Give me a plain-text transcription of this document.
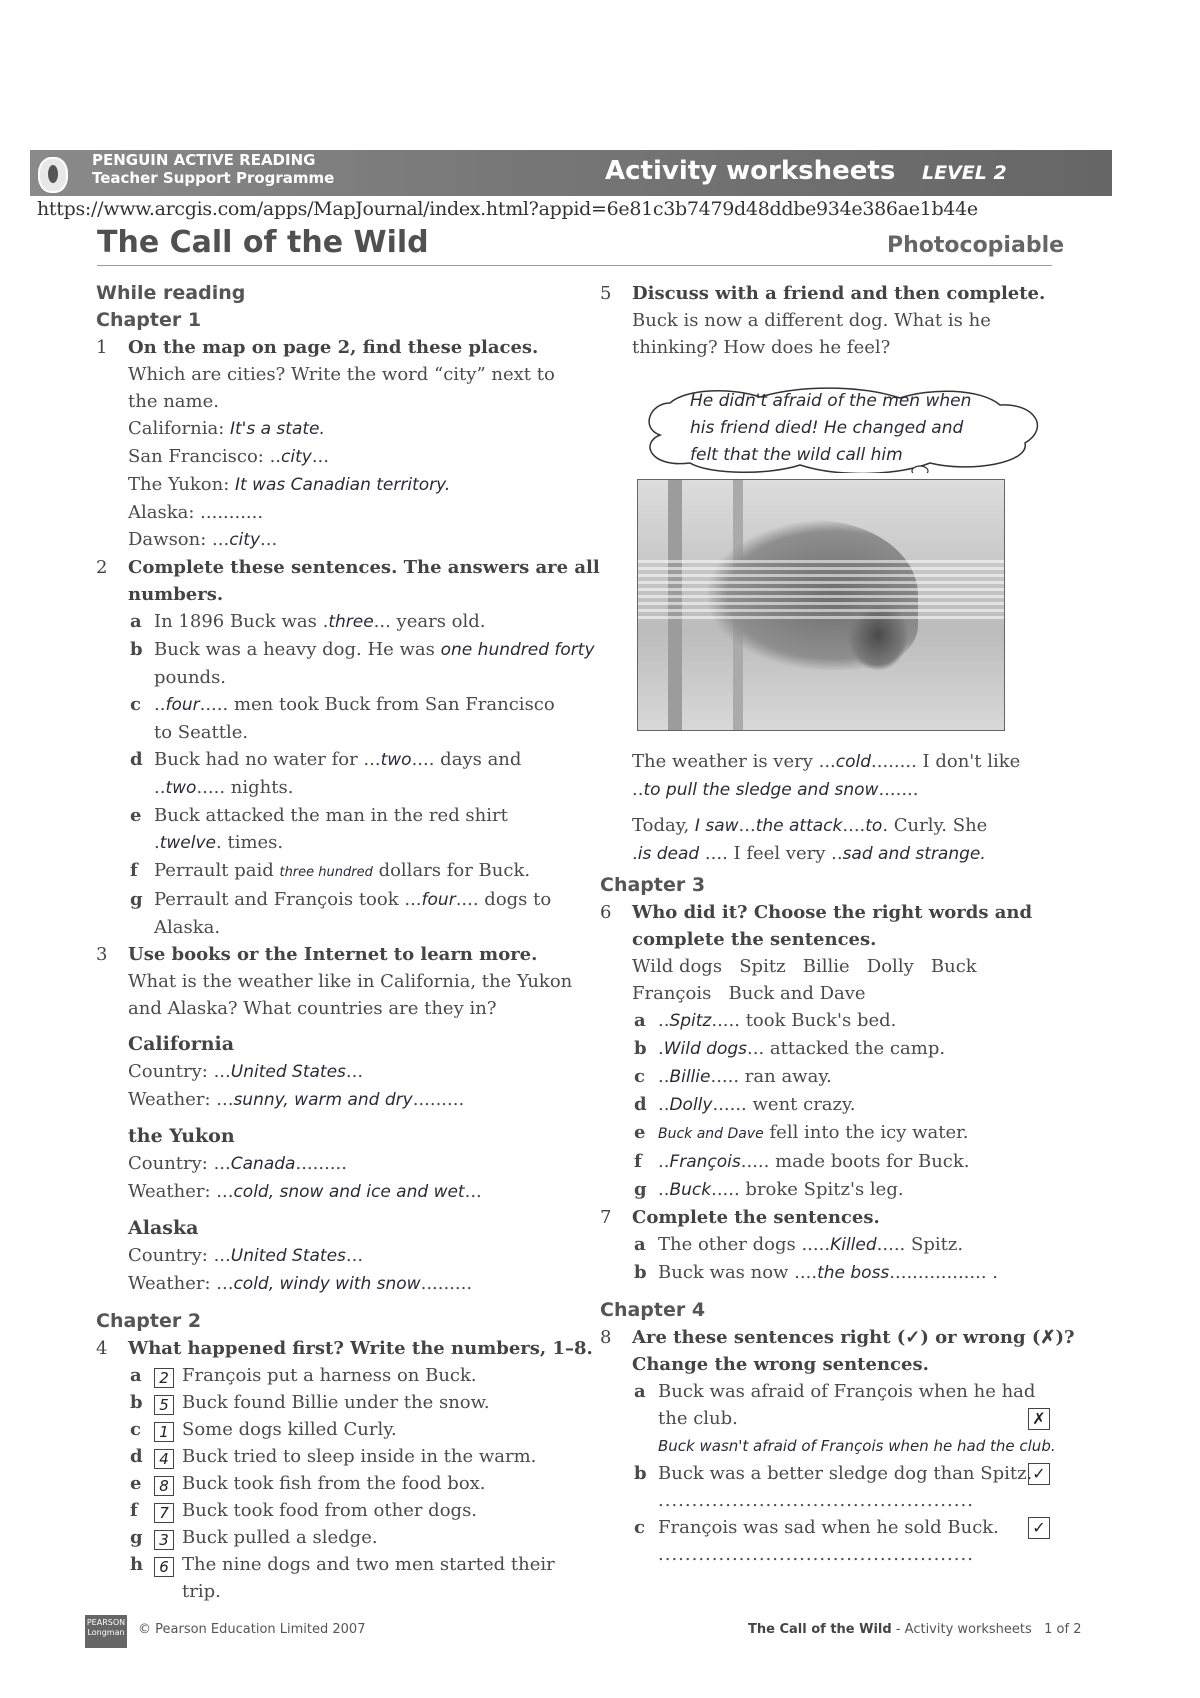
PENGUIN ACTIVE READING
Teacher Support Programme	Activity worksheets LEVEL 2
https://www.arcgis.com/apps/MapJournal/index.html?appid=6e81c3b7479d48ddbe934e386ae1b44e
The Call of the Wild	Photocopiable
While reading
Chapter 1
1 On the map on page 2, find these places.
Which are cities? Write the word “city” next to
the name.
California: It's a state.
San Francisco: ..city...
The Yukon: It was Canadian territory.
Alaska: ...........
Dawson: ...city...
2 Complete these sentences. The answers are all
numbers.
a In 1896 Buck was .three... years old.
b Buck was a heavy dog. He was one hundred forty
pounds.
c ..four..... men took Buck from San Francisco
to Seattle.
d Buck had no water for ...two.... days and
..two..... nights.
e Buck attacked the man in the red shirt
.twelve. times.
f Perrault paid three hundred dollars for Buck.
g Perrault and François took ...four.... dogs to
Alaska.
3 Use books or the Internet to learn more.
What is the weather like in California, the Yukon
and Alaska? What countries are they in?
California
Country: ...United States...
Weather: ...sunny, warm and dry.........
the Yukon
Country: ...Canada.........
Weather: ...cold, snow and ice and wet...
Alaska
Country: ...United States...
Weather: ...cold, windy with snow.........
Chapter 2
4 What happened first? Write the numbers, 1–8.
a 2 François put a harness on Buck.
b 5 Buck found Billie under the snow.
c 1 Some dogs killed Curly.
d 4 Buck tried to sleep inside in the warm.
e 8 Buck took fish from the food box.
f 7 Buck took food from other dogs.
g 3 Buck pulled a sledge.
h 6 The nine dogs and two men started their
trip.
5 Discuss with a friend and then complete.
Buck is now a different dog. What is he
thinking? How does he feel?
He didn't afraid of the men when
his friend died! He changed and
felt that the wild call him
The weather is very ...cold........ I don't like
..to pull the sledge and snow.......
Today, I saw...the attack....to. Curly. She
.is dead .... I feel very ..sad and strange.
Chapter 3
6 Who did it? Choose the right words and
complete the sentences.
Wild dogs   Spitz   Billie   Dolly   Buck
François   Buck and Dave
a ..Spitz..... took Buck's bed.
b .Wild dogs... attacked the camp.
c ..Billie..... ran away.
d ..Dolly...... went crazy.
e Buck and Dave fell into the icy water.
f ..François..... made boots for Buck.
g ..Buck..... broke Spitz's leg.
7 Complete the sentences.
a The other dogs .....Killed..... Spitz.
b Buck was now ....the boss................. .
Chapter 4
8 Are these sentences right (✓) or wrong (✗)?
Change the wrong sentences.
a Buck was afraid of François when he had
the club.	✗
Buck wasn't afraid of François when he had the club.
b Buck was a better sledge dog than Spitz. ✓
...............................................
c François was sad when he sold Buck. ✓
...............................................
PEARSON Longman © Pearson Education Limited 2007	The Call of the Wild - Activity worksheets 1 of 2
